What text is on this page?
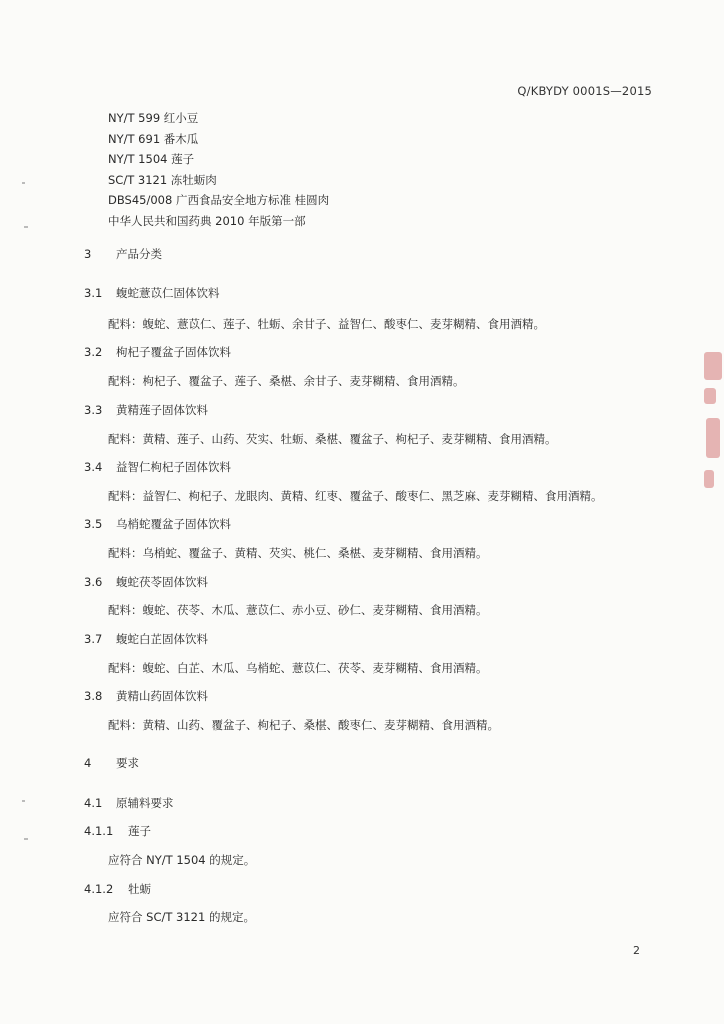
Q/KBYDY 0001S—2015
NY/T 599 红小豆
NY/T 691 番木瓜
NY/T 1504 莲子
SC/T 3121 冻牡蛎肉
DBS45/008 广西食品安全地方标准 桂圆肉
中华人民共和国药典 2010 年版第一部
3 产品分类
3.1 蝮蛇薏苡仁固体饮料
配料：蝮蛇、薏苡仁、莲子、牡蛎、余甘子、益智仁、酸枣仁、麦芽糊精、食用酒精。
3.2 枸杞子覆盆子固体饮料
配料：枸杞子、覆盆子、莲子、桑椹、余甘子、麦芽糊精、食用酒精。
3.3 黄精莲子固体饮料
配料：黄精、莲子、山药、芡实、牡蛎、桑椹、覆盆子、枸杞子、麦芽糊精、食用酒精。
3.4 益智仁枸杞子固体饮料
配料：益智仁、枸杞子、龙眼肉、黄精、红枣、覆盆子、酸枣仁、黑芝麻、麦芽糊精、食用酒精。
3.5 乌梢蛇覆盆子固体饮料
配料：乌梢蛇、覆盆子、黄精、芡实、桃仁、桑椹、麦芽糊精、食用酒精。
3.6 蝮蛇茯苓固体饮料
配料：蝮蛇、茯苓、木瓜、薏苡仁、赤小豆、砂仁、麦芽糊精、食用酒精。
3.7 蝮蛇白芷固体饮料
配料：蝮蛇、白芷、木瓜、乌梢蛇、薏苡仁、茯苓、麦芽糊精、食用酒精。
3.8 黄精山药固体饮料
配料：黄精、山药、覆盆子、枸杞子、桑椹、酸枣仁、麦芽糊精、食用酒精。
4 要求
4.1 原辅料要求
4.1.1 莲子
应符合 NY/T 1504 的规定。
4.1.2 牡蛎
应符合 SC/T 3121 的规定。
2
